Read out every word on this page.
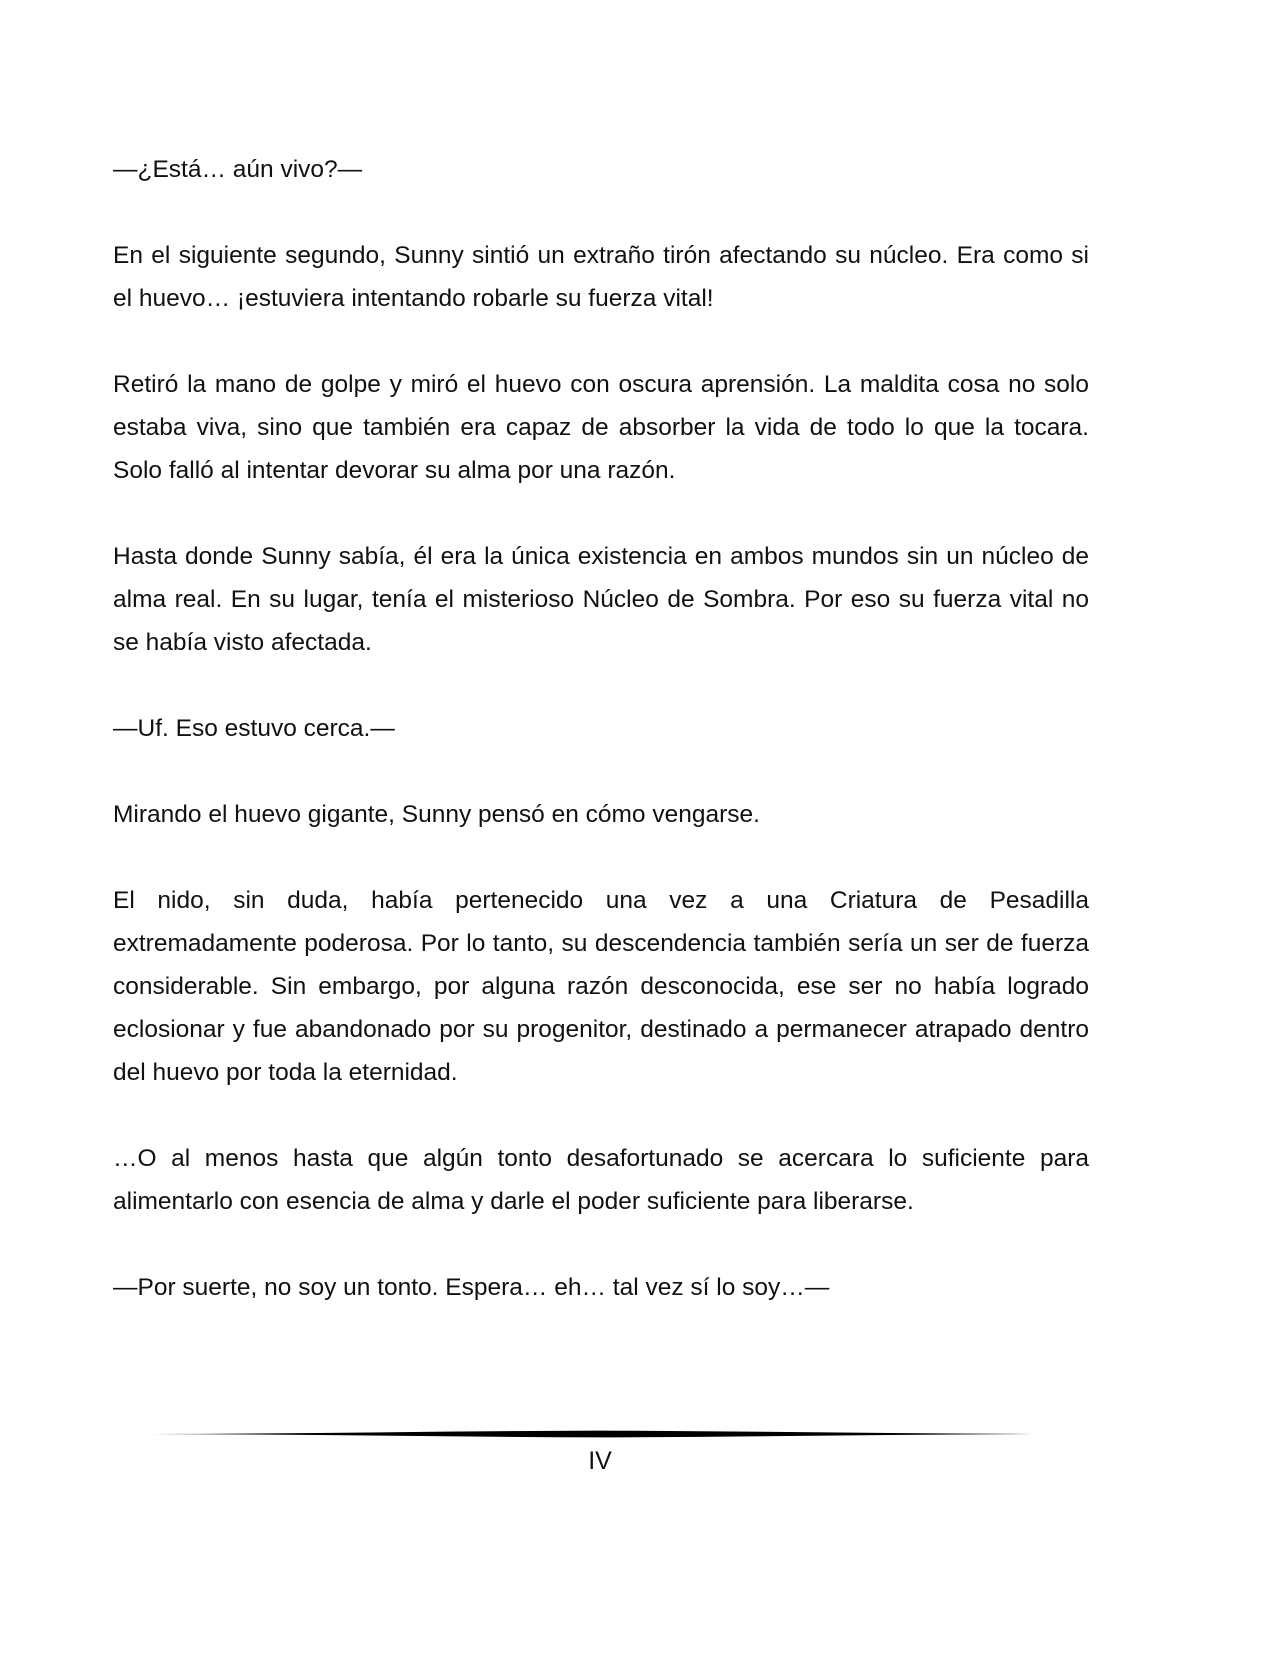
—¿Está… aún vivo?—

En el siguiente segundo, Sunny sintió un extraño tirón afectando su núcleo. Era como si el huevo… ¡estuviera intentando robarle su fuerza vital!

Retiró la mano de golpe y miró el huevo con oscura aprensión. La maldita cosa no solo estaba viva, sino que también era capaz de absorber la vida de todo lo que la tocara. Solo falló al intentar devorar su alma por una razón.

Hasta donde Sunny sabía, él era la única existencia en ambos mundos sin un núcleo de alma real. En su lugar, tenía el misterioso Núcleo de Sombra. Por eso su fuerza vital no se había visto afectada.

—Uf. Eso estuvo cerca.—

Mirando el huevo gigante, Sunny pensó en cómo vengarse.

El nido, sin duda, había pertenecido una vez a una Criatura de Pesadilla extremadamente poderosa. Por lo tanto, su descendencia también sería un ser de fuerza considerable. Sin embargo, por alguna razón desconocida, ese ser no había logrado eclosionar y fue abandonado por su progenitor, destinado a permanecer atrapado dentro del huevo por toda la eternidad.

…O al menos hasta que algún tonto desafortunado se acercara lo suficiente para alimentarlo con esencia de alma y darle el poder suficiente para liberarse.

—Por suerte, no soy un tonto. Espera… eh… tal vez sí lo soy…—

IV
